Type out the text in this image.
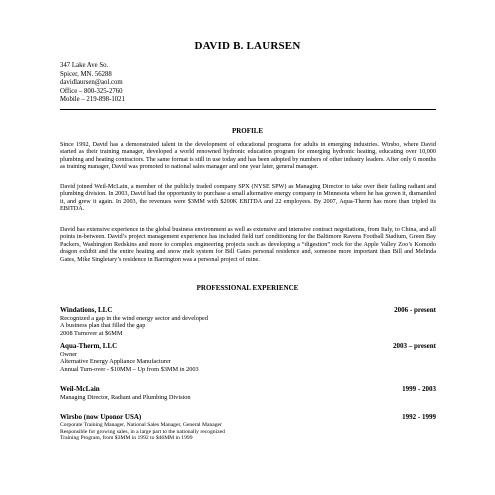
DAVID B. LAURSEN
347 Lake Ave So.
Spicer, MN. 56288
davidlaursen@aol.com
Office – 800-325-2760
Mobile – 219-898-1021
PROFILE
Since 1992, David has a demonstrated talent in the development of educational programs for adults in emerging industries. Wirsbo, where David started as their training manager, developed a world renowned hydronic education program for emerging hydronic heating, educating over 10,000 plumbing and heating contractors. The same format is still in use today and has been adopted by numbers of other industry leaders. After only 6 months as training manager, David was promoted to national sales manager and one year later, general manager.
David joined Weil-McLain, a member of the publicly traded company SPX (NYSE SPW) as Managing Director to take over their failing radiant and plumbing division. In 2003, David had the opportunity to purchase a small alternative energy company in Minnesota where he has grown it, dismantled it, and grew it again. In 2003, the revenues were $3MM with $200K EBITDA and 22 employees. By 2007, Aqua-Therm has more than tripled its EBITDA.
David has extensive experience in the global business environment as well as extensive and intensive contract negotiations, from Italy, to China, and all points in-between. David’s project management experience has included field turf conditioning for the Baltimore Ravens Football Stadium, Green Bay Packers, Washington Redskins and more to complex engineering projects such as developing a “digestion” rock for the Apple Valley Zoo’s Komodo dragon exhibit and the entire heating and snow melt system for Bill Gates personal residence and, someone more important than Bill and Melinda Gates, Mike Singletary’s residence in Barrington was a personal project of mine.
PROFESSIONAL EXPERIENCE
Windations, LLC	2006 - present
Recognized a gap in the wind energy sector and developed
A business plan that filled the gap
2008 Turnover at $6MM
Aqua-Therm, LLC	2003 – present
Owner
Alternative Energy Appliance Manufacturer
Annual Turn-over - $10MM – Up from $3MM in 2003
Weil-McLain	1999 - 2003
Managing Director, Radiant and Plumbing Division
Wirsbo (now Uponor USA)	1992 - 1999
Corporate Training Manager, National Sales Manager, General Manager
Responsible for growing sales, in a large part to the nationally recognized
Training Program, from $3MM in 1992 to $46MM in 1999
